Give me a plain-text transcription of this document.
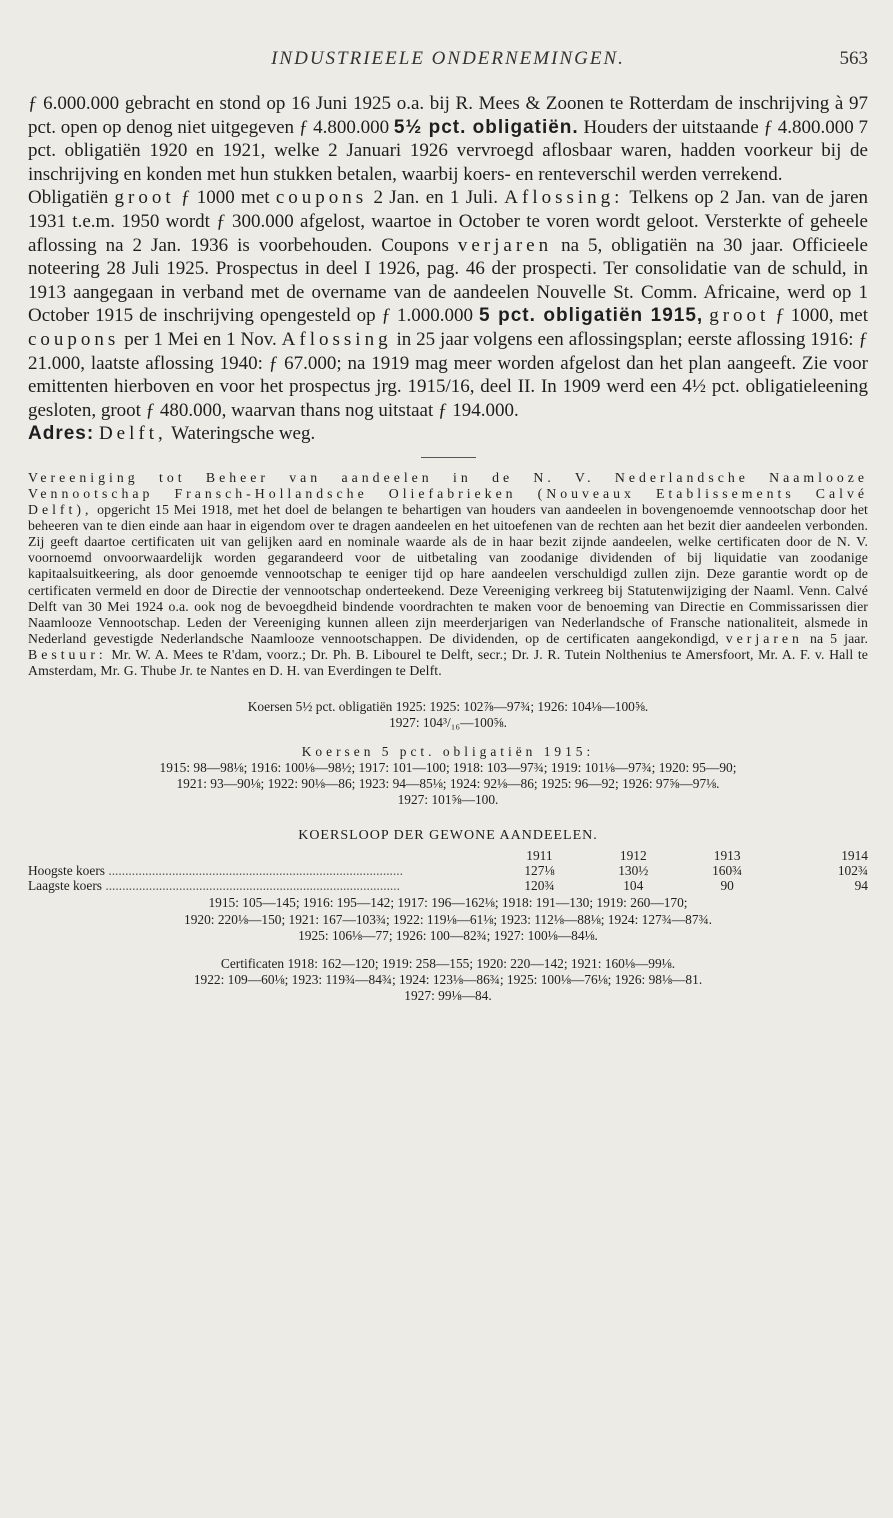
INDUSTRIEELE ONDERNEMINGEN.	563

ƒ 6.000.000 gebracht en stond op 16 Juni 1925 o.a. bij R. Mees & Zoonen te Rotterdam de inschrijving à 97 pct. open op denog niet uitgegeven ƒ 4.800.000 5½ pct. obligatiën. Houders der uitstaande ƒ 4.800.000 7 pct. obligatiën 1920 en 1921, welke 2 Januari 1926 vervroegd aflosbaar waren, hadden voorkeur bij de inschrijving en konden met hun stukken betalen, waarbij koers- en renteverschil werden verrekend.
Obligatiën groot ƒ 1000 met coupons 2 Jan. en 1 Juli. Aflossing: Telkens op 2 Jan. van de jaren 1931 t.e.m. 1950 wordt ƒ 300.000 afgelost, waartoe in October te voren wordt geloot. Versterkte of geheele aflossing na 2 Jan. 1936 is voorbehouden. Coupons verjaren na 5, obligatiën na 30 jaar. Officieele noteering 28 Juli 1925. Prospectus in deel I 1926, pag. 46 der prospecti. Ter consolidatie van de schuld, in 1913 aangegaan in verband met de overname van de aandeelen Nouvelle St. Comm. Africaine, werd op 1 October 1915 de inschrijving opengesteld op ƒ 1.000.000 5 pct. obligatiën 1915, groot ƒ 1000, met coupons per 1 Mei en 1 Nov. Aflossing in 25 jaar volgens een aflossingsplan; eerste aflossing 1916: ƒ 21.000, laatste aflossing 1940: ƒ 67.000; na 1919 mag meer worden afgelost dan het plan aangeeft. Zie voor emittenten hierboven en voor het prospectus jrg. 1915/16, deel II. In 1909 werd een 4½ pct. obligatieleening gesloten, groot ƒ 480.000, waarvan thans nog uitstaat ƒ 194.000.

Adres: Delft, Wateringsche weg.

Vereeniging tot Beheer van aandeelen in de N. V. Nederlandsche Naamlooze Vennootschap Fransch-Hollandsche Oliefabrieken (Nouveaux Etablissements Calvé Delft), opgericht 15 Mei 1918, met het doel de belangen te behartigen van houders van aandeelen in bovengenoemde vennootschap door het beheeren van te dien einde aan haar in eigendom over te dragen aandeelen en het uitoefenen van de rechten aan het bezit dier aandeelen verbonden. Zij geeft daartoe certificaten uit van gelijken aard en nominale waarde als de in haar bezit zijnde aandeelen, welke certificaten door de N. V. voornoemd onvoorwaardelijk worden gegarandeerd voor de uitbetaling van zoodanige dividenden of bij liquidatie van zoodanige kapitaalsuitkeering, als door genoemde vennootschap te eeniger tijd op hare aandeelen verschuldigd zullen zijn. Deze garantie wordt op de certificaten vermeld en door de Directie der vennootschap onderteekend. Deze Vereeniging verkreeg bij Statutenwijziging der Naaml. Venn. Calvé Delft van 30 Mei 1924 o.a. ook nog de bevoegdheid bindende voordrachten te maken voor de benoeming van Directie en Commissarissen dier Naamlooze Vennootschap. Leden der Vereeniging kunnen alleen zijn meerderjarigen van Nederlandsche of Fransche nationaliteit, alsmede in Nederland gevestigde Nederlandsche Naamlooze vennootschappen. De dividenden, op de certificaten aangekondigd, verjaren na 5 jaar. Bestuur: Mr. W. A. Mees te R'dam, voorz.; Dr. Ph. B. Libourel te Delft, secr.; Dr. J. R. Tutein Nolthenius te Amersfoort, Mr. A. F. v. Hall te Amsterdam, Mr. G. Thube Jr. te Nantes en D. H. van Everdingen te Delft.

Koersen 5½ pct. obligatiën 1925: 1925: 102⅞—97¾; 1926: 104⅛—100⅝.

1927: 104³/₁₆—100⅝.

Koersen 5 pct. obligatiën 1915:

1915: 98—98⅛; 1916: 100⅛—98½; 1917: 101—100; 1918: 103—97¾; 1919: 101⅛—97¾; 1920: 95—90;

1921: 93—90⅛; 1922: 90⅛—86; 1923: 94—85⅛; 1924: 92⅛—86; 1925: 96—92; 1926: 97⅝—97⅛.

1927: 101⅝—100.

KOERSLOOP DER GEWONE AANDEELEN.
	1911	1912	1913	1914
Hoogste koers ........................................................................................	127⅛	130½	160¾	102¾
Laagste koers ........................................................................................	120¾	104	90	94

1915: 105—145; 1916: 195—142; 1917: 196—162⅛; 1918: 191—130; 1919: 260—170;

1920: 220⅛—150; 1921: 167—103¾; 1922: 119⅛—61⅛; 1923: 112⅛—88⅛; 1924: 127¾—87¾.

1925: 106⅛—77; 1926: 100—82¾; 1927: 100⅛—84⅛.

Certificaten 1918: 162—120; 1919: 258—155; 1920: 220—142; 1921: 160⅛—99⅛.

1922: 109—60⅛; 1923: 119¾—84¾; 1924: 123⅛—86¾; 1925: 100⅛—76⅛; 1926: 98⅛—81.

1927: 99⅛—84.
